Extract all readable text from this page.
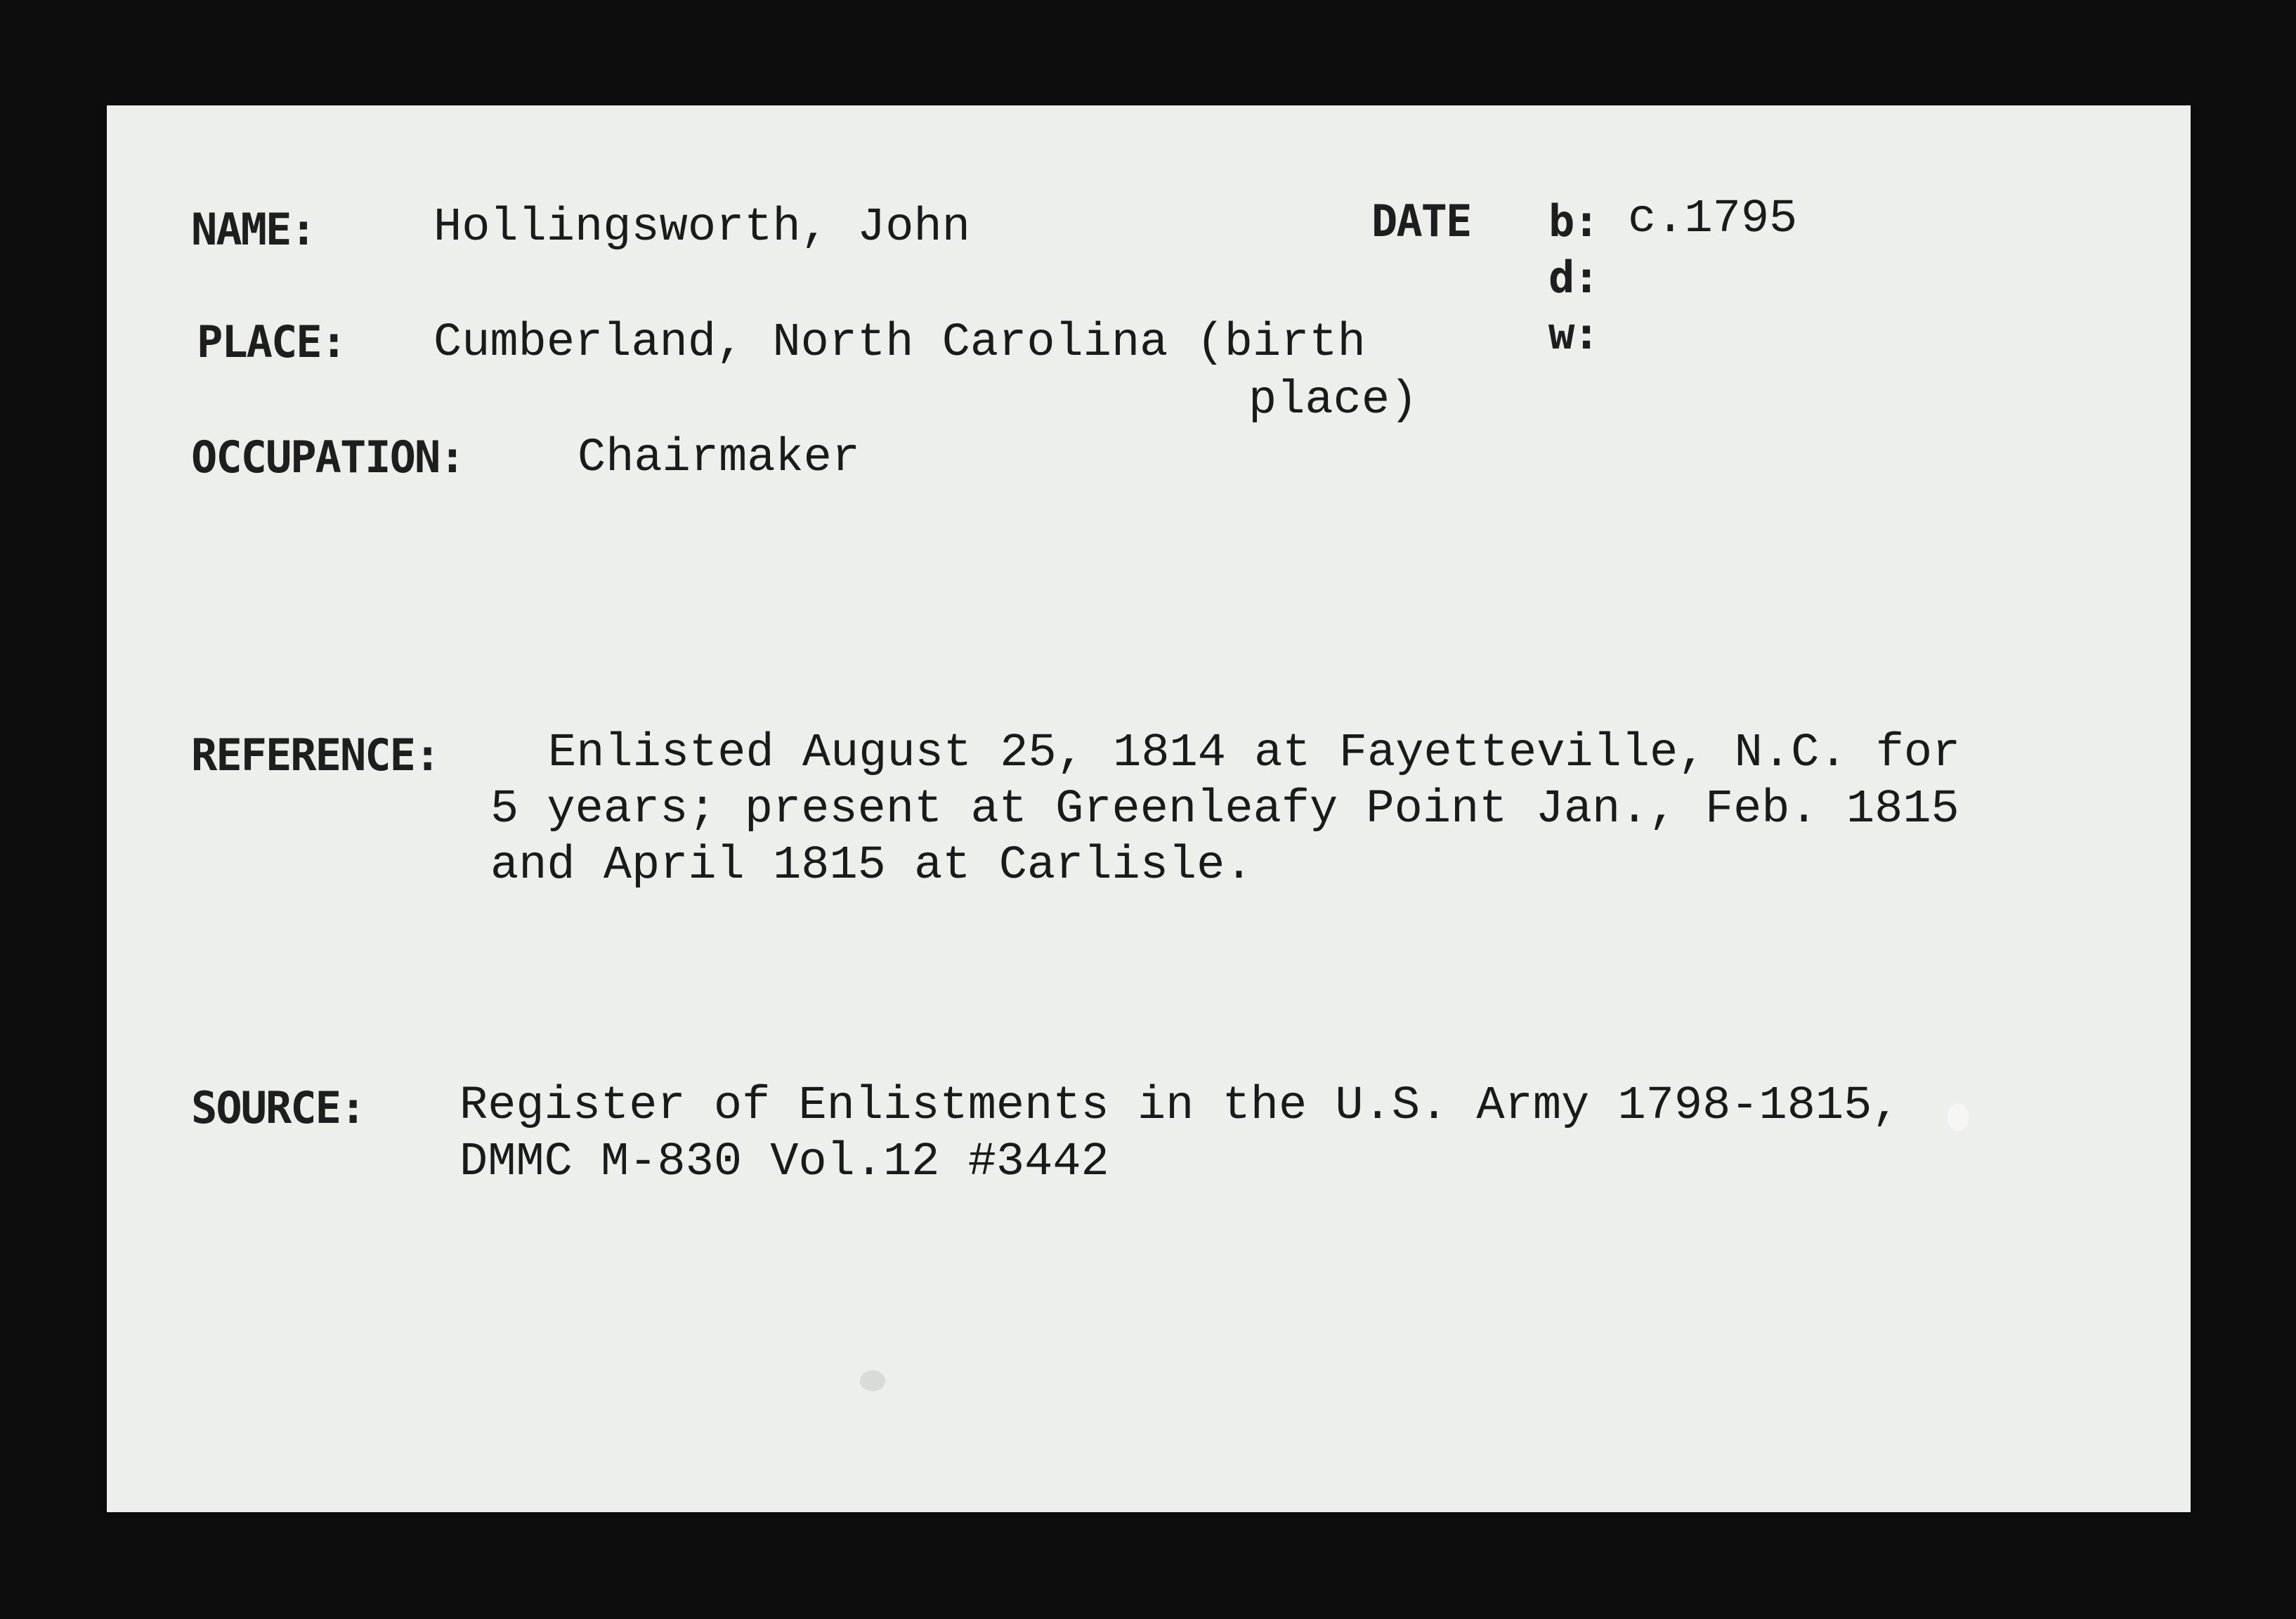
NAME:	Hollingsworth, John	DATE b: c.1795
d:
w:
PLACE: Cumberland, North Carolina (birth
place)
OCCUPATION: Chairmaker
REFERENCE: Enlisted August 25, 1814 at Fayetteville, N.C. for
5 years; present at Greenleafy Point Jan., Feb. 1815
and April 1815 at Carlisle.
SOURCE: Register of Enlistments in the U.S. Army 1798-1815,
DMMC M-830 Vol.12 #3442
